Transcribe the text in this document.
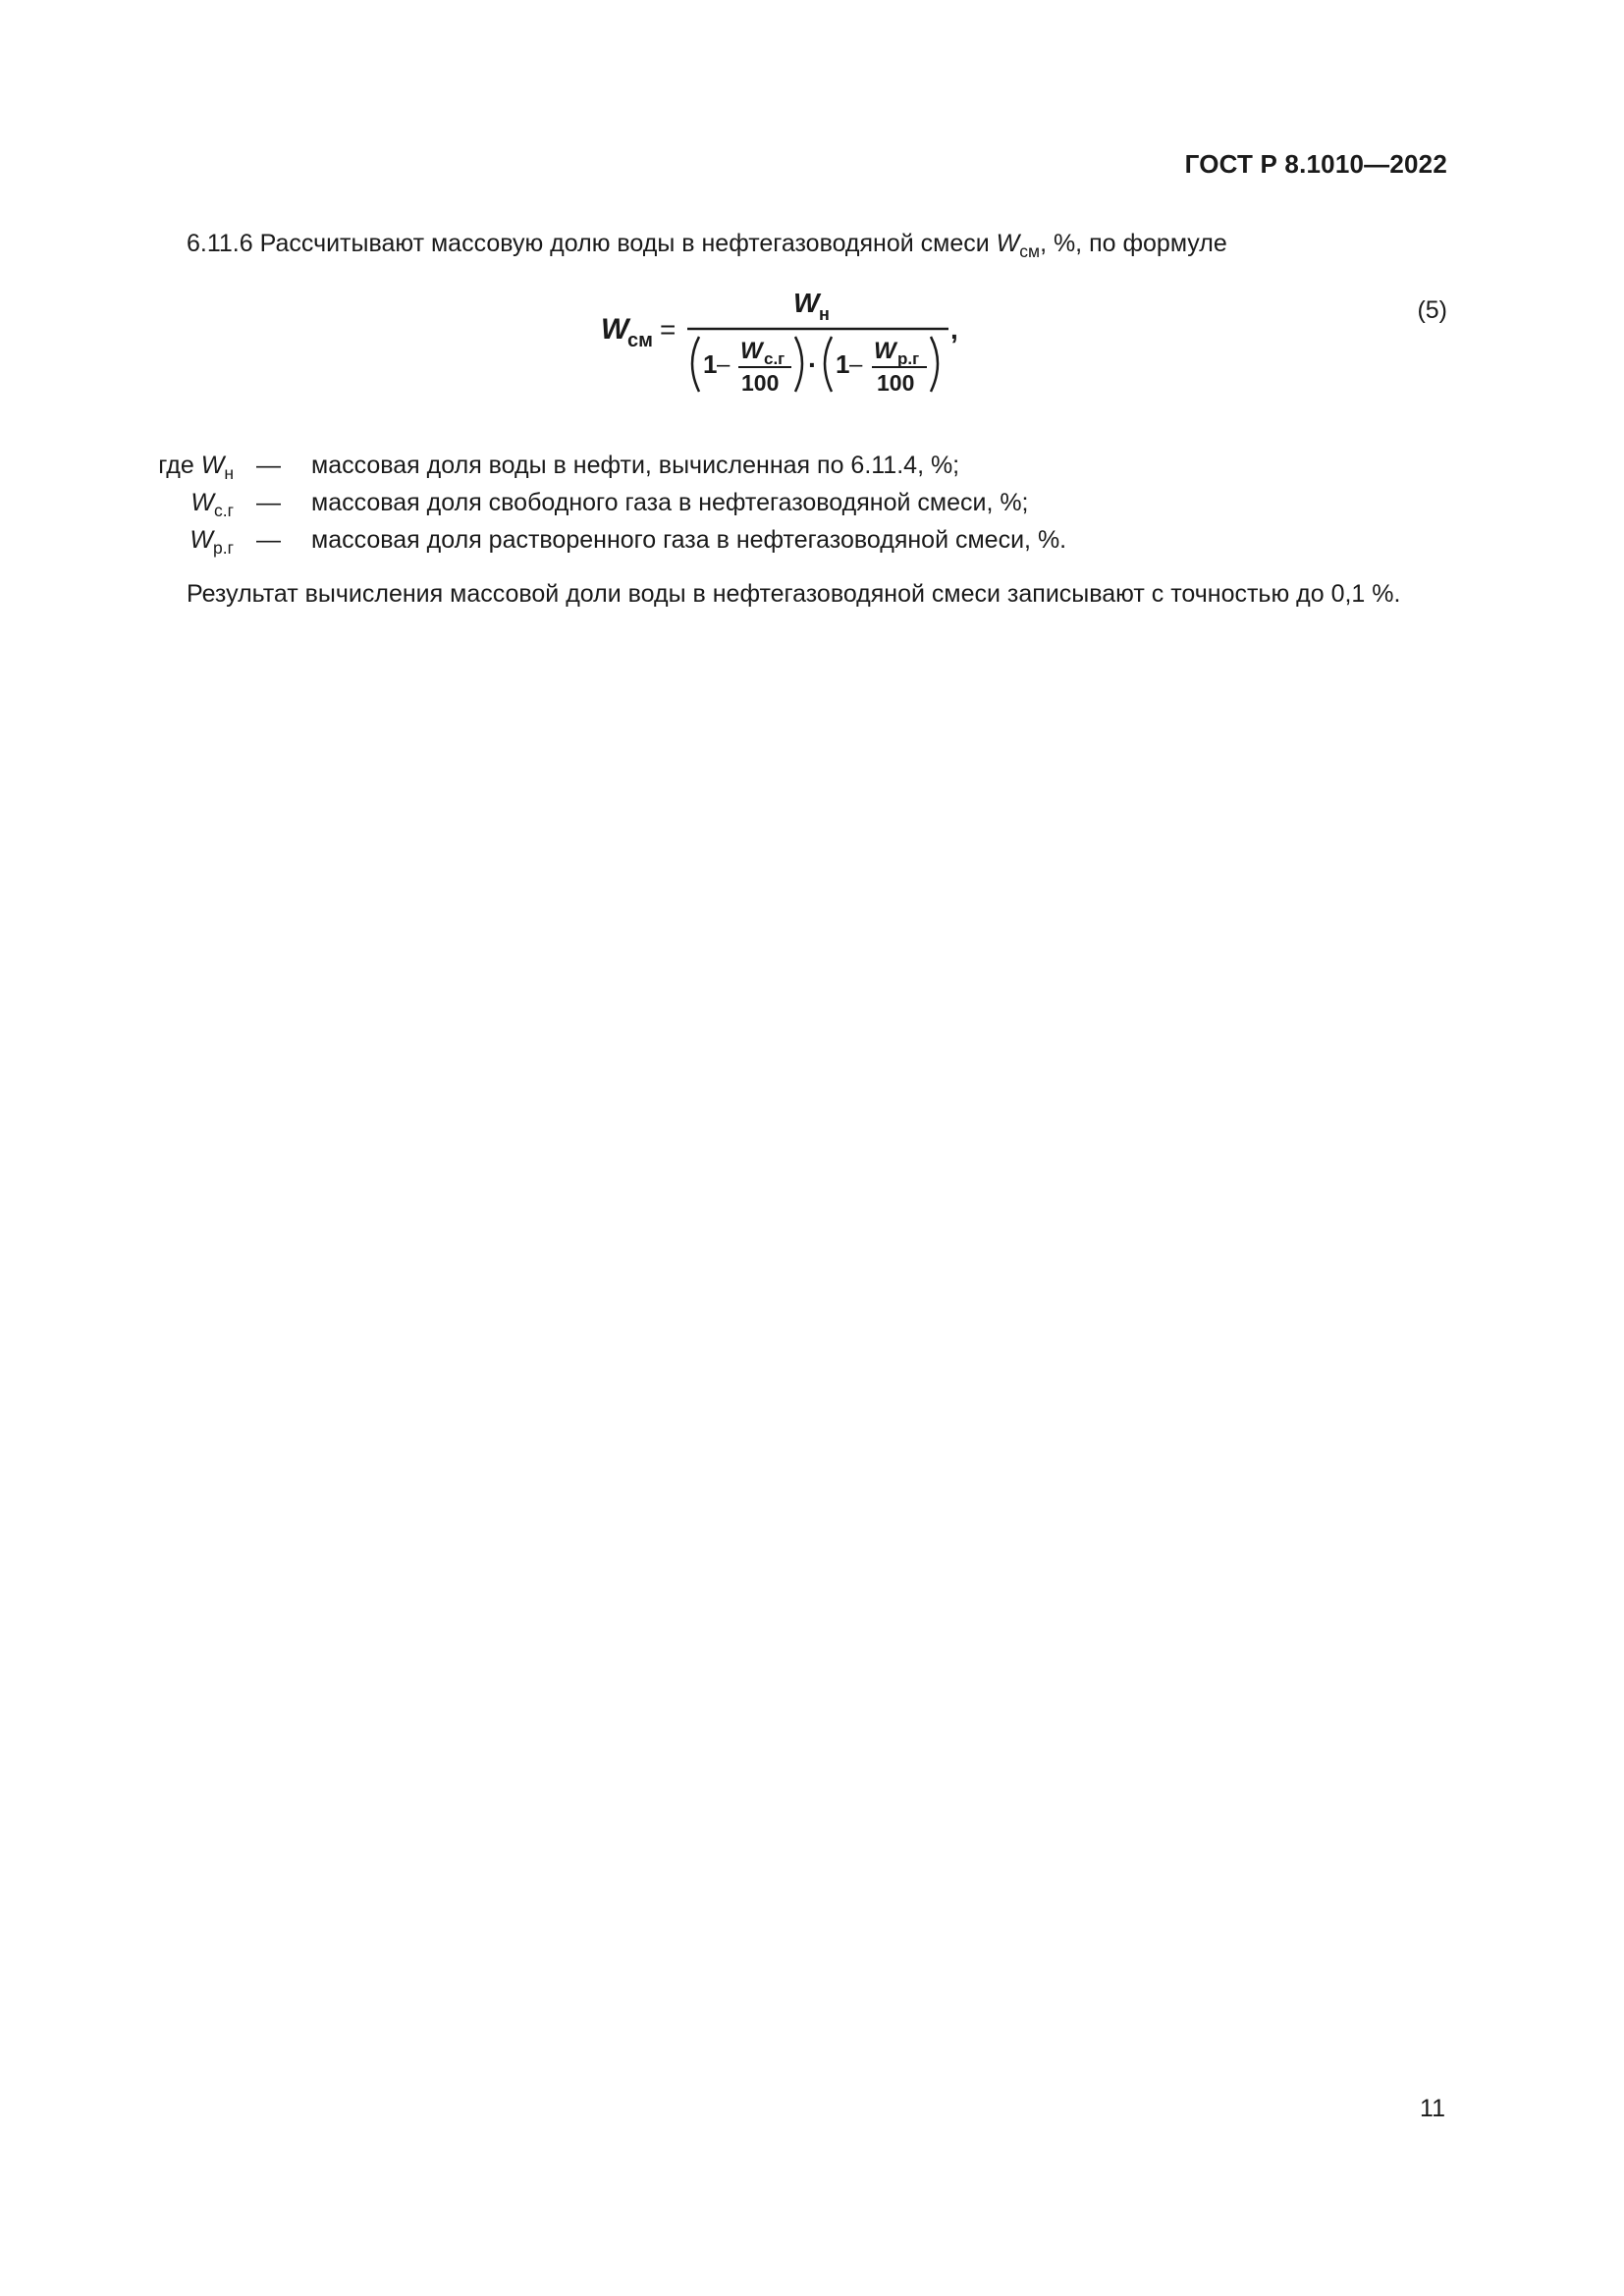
ГОСТ Р 8.1010—2022
6.11.6 Рассчитывают массовую долю воды в нефтегазоводяной смеси $W_{см}$, %, по формуле
W
см =
W н	,
1 –
W с.г
100
· 1 –
W р.г
100
(5)
где $W_н$ —	массовая доля воды в нефти, вычисленная по 6.11.4, %;
$W_{с.г}$ —	массовая доля свободного газа в нефтегазоводяной смеси, %;
$W_{р.г}$ —	массовая доля растворенного газа в нефтегазоводяной смеси, %.
Результат вычисления массовой доли воды в нефтегазоводяной смеси записывают с точностью до 0,1 %.
11
